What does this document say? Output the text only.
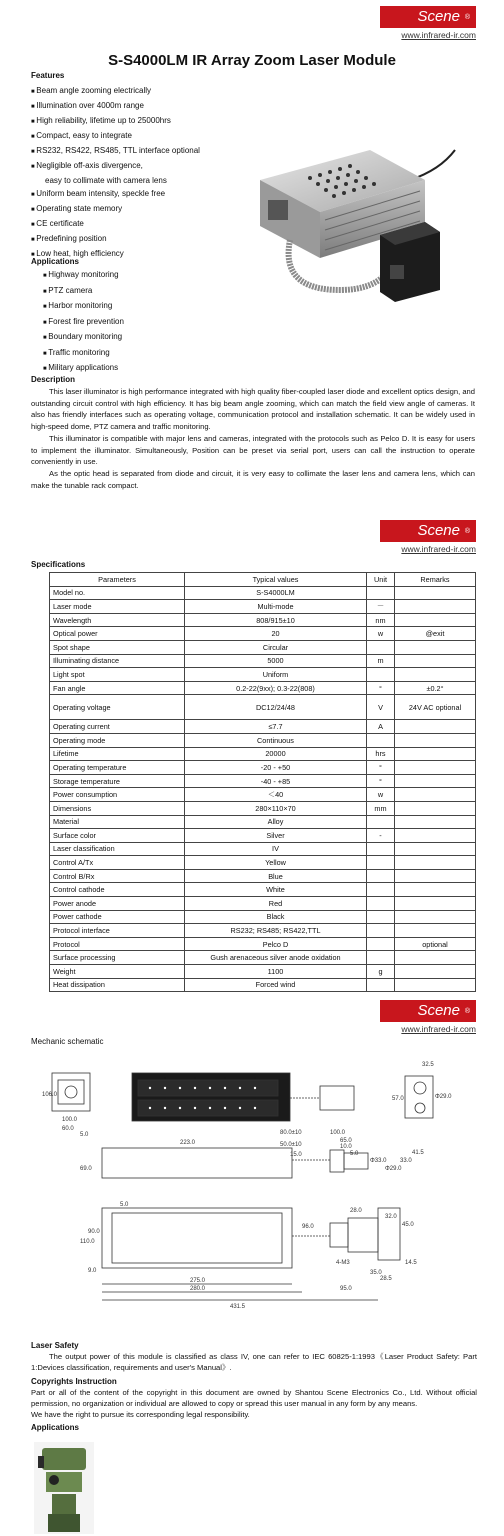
Scene ®
www.infrared-ir.com
S-S4000LM IR Array Zoom Laser Module
Features
■ Beam angle zooming electrically
■ Illumination over 4000m range
■ High reliability, lifetime up to 25000hrs
■ Compact, easy to integrate
■ RS232, RS422, RS485, TTL interface optional
■ Negligible off-axis divergence,
easy to collimate with camera lens
■ Uniform beam intensity, speckle free
■ Operating state memory
■ CE certificate
■ Predefining position
■ Low heat, high efficiency
Applications
■ Highway monitoring
■ PTZ camera
■ Harbor monitoring
■ Forest fire prevention
■ Boundary monitoring
■ Traffic monitoring
■ Military applications
Description

This laser illuminator is high performance integrated with high quality fiber-coupled laser diode and excellent optics design, and outstanding circuit control with high efficiency. It has big beam angle zooming, which can match the field view angle of cameras. It also has friendly interfaces such as operating voltage, communication protocol and installation schematic. It can be widely used in high-speed dome, PTZ camera and traffic monitoring.

This illuminator is compatible with major lens and cameras, integrated with the protocols such as Pelco D. It is easy for users to implement the illuminator. Simultaneously, Position can be preset via serial port, users can call the instruction to operate conveniently in use.

As the optic head is separated from diode and circuit, it is very easy to collimate the laser lens and camera lens, which can make the tunable rack compact.

Scene ®
www.infrared-ir.com
Specifications
Parameters	Typical values	Unit	Remarks
Model no.	S-S4000LM		
Laser mode	Multi-mode	－	
Wavelength	808/915±10	nm	
Optical power	20	w	@exit
Spot shape	Circular		
Illuminating distance	5000	m	
Light spot	Uniform		
Fan angle	0.2-22(9xx); 0.3-22(808)	°	±0.2°
Operating voltage	DC12/24/48	V	24V AC optional
Operating current	≤7.7	A	
Operating mode	Continuous		
Lifetime	20000	hrs	
Operating temperature	-20 - +50	°	
Storage temperature	-40 - +85	°	
Power consumption	＜40	w	
Dimensions	280×110×70	mm	
Material	Alloy		
Surface color	Silver	-	
Laser classification	IV		
Control A/Tx	Yellow		
Control B/Rx	Blue		
Control cathode	White		
Power anode	Red		
Power cathode	Black		
Protocol interface	RS232; RS485; RS422,TTL		
Protocol	Pelco D		optional
Surface processing	Gush arenaceous silver anode oxidation		
Weight	1100	g	
Heat dissipation	Forced wind		
Scene ®
www.infrared-ir.com
Mechanic schematic
32.5
Φ29.0
57.0
106.0
100.0
60.0
5.0	80.0±10	100.0
65.0
10.0
5.0
223.0	50.0±10
15.0
Φ33.0
Φ29.0
33.0
41.5
69.0
90.0
28.0
32.0
45.0
110.0
96.0
4-M3	14.5
35.0
28.5
95.0
275.0
280.0
431.5
9.0
5.0
Laser Safety

The output power of this module is classified as class IV, one can refer to IEC 60825-1:1993《Laser Product Safety: Part 1:Devices classification, requirements and user's Manual》.

Copyrights Instruction

Part or all of the content of the copyright in this document are owned by Shantou Scene Electronics Co., Ltd. Without official permission, no organization or individual are allowed to copy or spread this user manual in any form by any means.

We have the right to pursue its corresponding legal responsibility.

Applications
